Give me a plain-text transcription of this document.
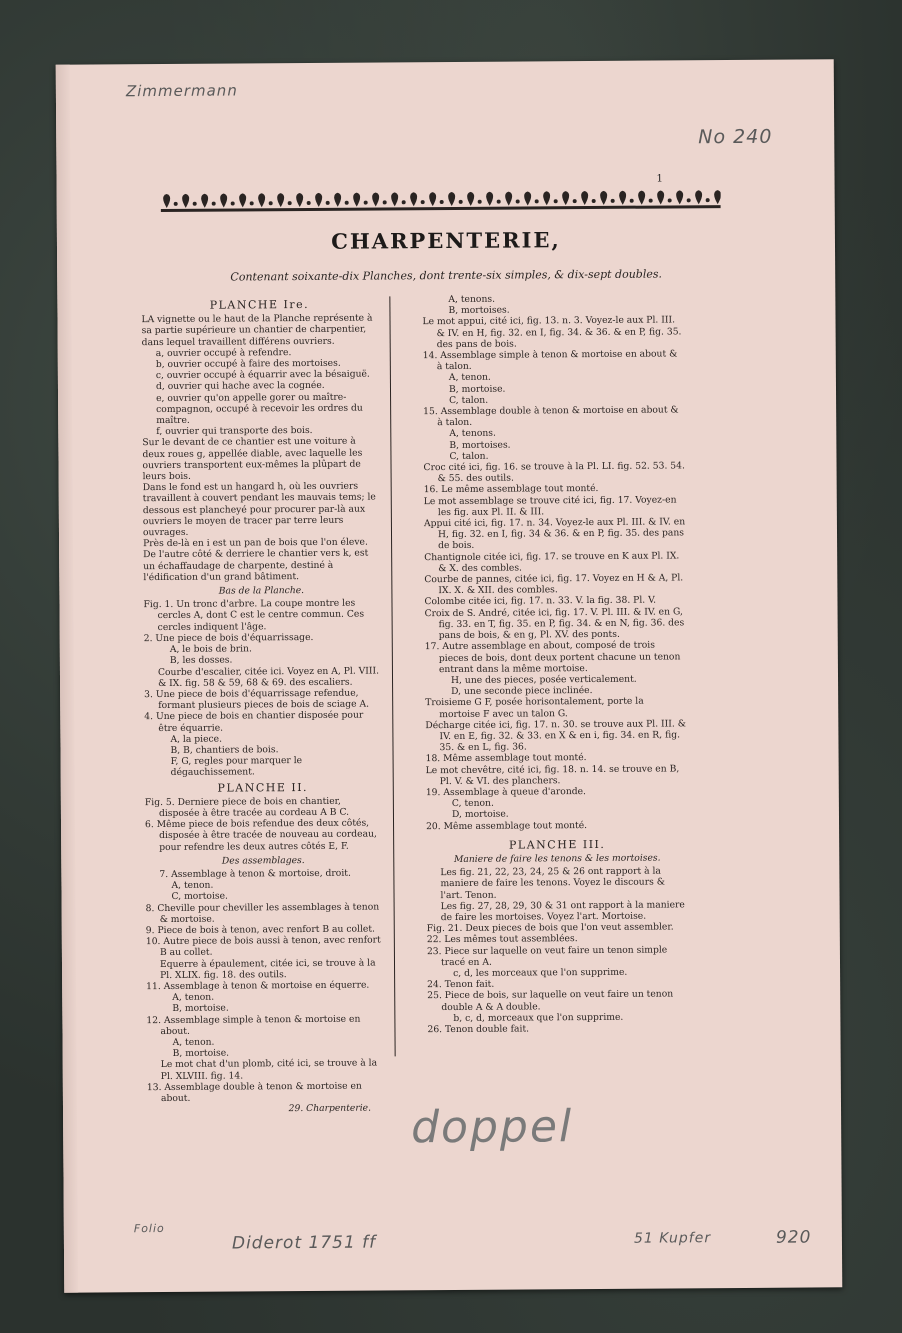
Zimmermann
No 240
1
CHARPENTERIE,
Contenant soixante-dix Planches, dont trente-six simples, & dix-sept doubles.
PLANCHE Ire.

LA vignette ou le haut de la Planche représente à sa partie supérieure un chantier de charpentier, dans lequel travaillent différens ouvriers.

a, ouvrier occupé à refendre.
b, ouvrier occupé à faire des mortoises.
c, ouvrier occupé à équarrir avec la bésaiguë.
d, ouvrier qui hache avec la cognée.
e, ouvrier qu'on appelle gorer ou maître-compagnon, occupé à recevoir les ordres du maître.
f, ouvrier qui transporte des bois.

Sur le devant de ce chantier est une voiture à deux roues g, appellée diable, avec laquelle les ouvriers transportent eux-mêmes la plûpart de leurs bois.

Dans le fond est un hangard h, où les ouvriers travaillent à couvert pendant les mauvais tems; le dessous est plancheyé pour procurer par-là aux ouvriers le moyen de tracer par terre leurs ouvrages.

Près de-là en i est un pan de bois que l'on éleve.

De l'autre côté & derriere le chantier vers k, est un échaffaudage de charpente, destiné à l'édification d'un grand bâtiment.

Bas de la Planche.
Fig. 1. Un tronc d'arbre. La coupe montre les cercles A, dont C est le centre commun. Ces cercles indiquent l'âge.
2. Une piece de bois d'équarrissage.
A, le bois de brin.
B, les dosses.
Courbe d'escalier, citée ici. Voyez en A, Pl. VIII. & IX. fig. 58 & 59, 68 & 69. des escaliers.
3. Une piece de bois d'équarrissage refendue, formant plusieurs pieces de bois de sciage A.
4. Une piece de bois en chantier disposée pour être équarrie.
A, la piece.
B, B, chantiers de bois.
F, G, regles pour marquer le dégauchissement.
PLANCHE II.
Fig. 5. Derniere piece de bois en chantier, disposée à être tracée au cordeau A B C.
6. Même piece de bois refendue des deux côtés, disposée à être tracée de nouveau au cordeau, pour refendre les deux autres côtés E, F.
Des assemblages.
7. Assemblage à tenon & mortoise, droit.
A, tenon.
C, mortoise.
8. Cheville pour cheviller les assemblages à tenon & mortoise.
9. Piece de bois à tenon, avec renfort B au collet.
10. Autre piece de bois aussi à tenon, avec renfort B au collet.
Equerre à épaulement, citée ici, se trouve à la Pl. XLIX. fig. 18. des outils.
11. Assemblage à tenon & mortoise en équerre.
A, tenon.
B, mortoise.
12. Assemblage simple à tenon & mortoise en about.
A, tenon.
B, mortoise.
Le mot chat d'un plomb, cité ici, se trouve à la Pl. XLVIII. fig. 14.
13. Assemblage double à tenon & mortoise en about.
29. Charpenterie.
A, tenons.
B, mortoises.
Le mot appui, cité ici, fig. 13. n. 3. Voyez-le aux Pl. III. & IV. en H, fig. 32. en I, fig. 34. & 36. & en P, fig. 35. des pans de bois.
14. Assemblage simple à tenon & mortoise en about & à talon.
A, tenon.
B, mortoise.
C, talon.
15. Assemblage double à tenon & mortoise en about & à talon.
A, tenons.
B, mortoises.
C, talon.
Croc cité ici, fig. 16. se trouve à la Pl. LI. fig. 52. 53. 54. & 55. des outils.
16. Le même assemblage tout monté.
Le mot assemblage se trouve cité ici, fig. 17. Voyez-en les fig. aux Pl. II. & III.
Appui cité ici, fig. 17. n. 34. Voyez-le aux Pl. III. & IV. en H, fig. 32. en I, fig. 34 & 36. & en P, fig. 35. des pans de bois.
Chantignole citée ici, fig. 17. se trouve en K aux Pl. IX. & X. des combles.
Courbe de pannes, citée ici, fig. 17. Voyez en H & A, Pl. IX. X. & XII. des combles.
Colombe citée ici, fig. 17. n. 33. V. la fig. 38. Pl. V.
Croix de S. André, citée ici, fig. 17. V. Pl. III. & IV. en G, fig. 33. en T, fig. 35. en P, fig. 34. & en N, fig. 36. des pans de bois, & en g, Pl. XV. des ponts.
17. Autre assemblage en about, composé de trois pieces de bois, dont deux portent chacune un tenon entrant dans la même mortoise.
H, une des pieces, posée verticalement.
D, une seconde piece inclinée.
Troisieme G F, posée horisontalement, porte la mortoise F avec un talon G.
Décharge citée ici, fig. 17. n. 30. se trouve aux Pl. III. & IV. en E, fig. 32. & 33. en X & en i, fig. 34. en R, fig. 35. & en L, fig. 36.
18. Même assemblage tout monté.
Le mot chevêtre, cité ici, fig. 18. n. 14. se trouve en B, Pl. V. & VI. des planchers.
19. Assemblage à queue d'aronde.
C, tenon.
D, mortoise.
20. Même assemblage tout monté.
PLANCHE III.
Maniere de faire les tenons & les mortoises.

Les fig. 21, 22, 23, 24, 25 & 26 ont rapport à la maniere de faire les tenons. Voyez le discours & l'art. Tenon.

Les fig. 27, 28, 29, 30 & 31 ont rapport à la maniere de faire les mortoises. Voyez l'art. Mortoise.

Fig. 21. Deux pieces de bois que l'on veut assembler.
22. Les mêmes tout assemblées.
23. Piece sur laquelle on veut faire un tenon simple tracé en A.
c, d, les morceaux que l'on supprime.
24. Tenon fait.
25. Piece de bois, sur laquelle on veut faire un tenon double A & A double.
b, c, d, morceaux que l'on supprime.
26. Tenon double fait.
doppel
Folio
Diderot 1751 ff	51 Kupfer	920
